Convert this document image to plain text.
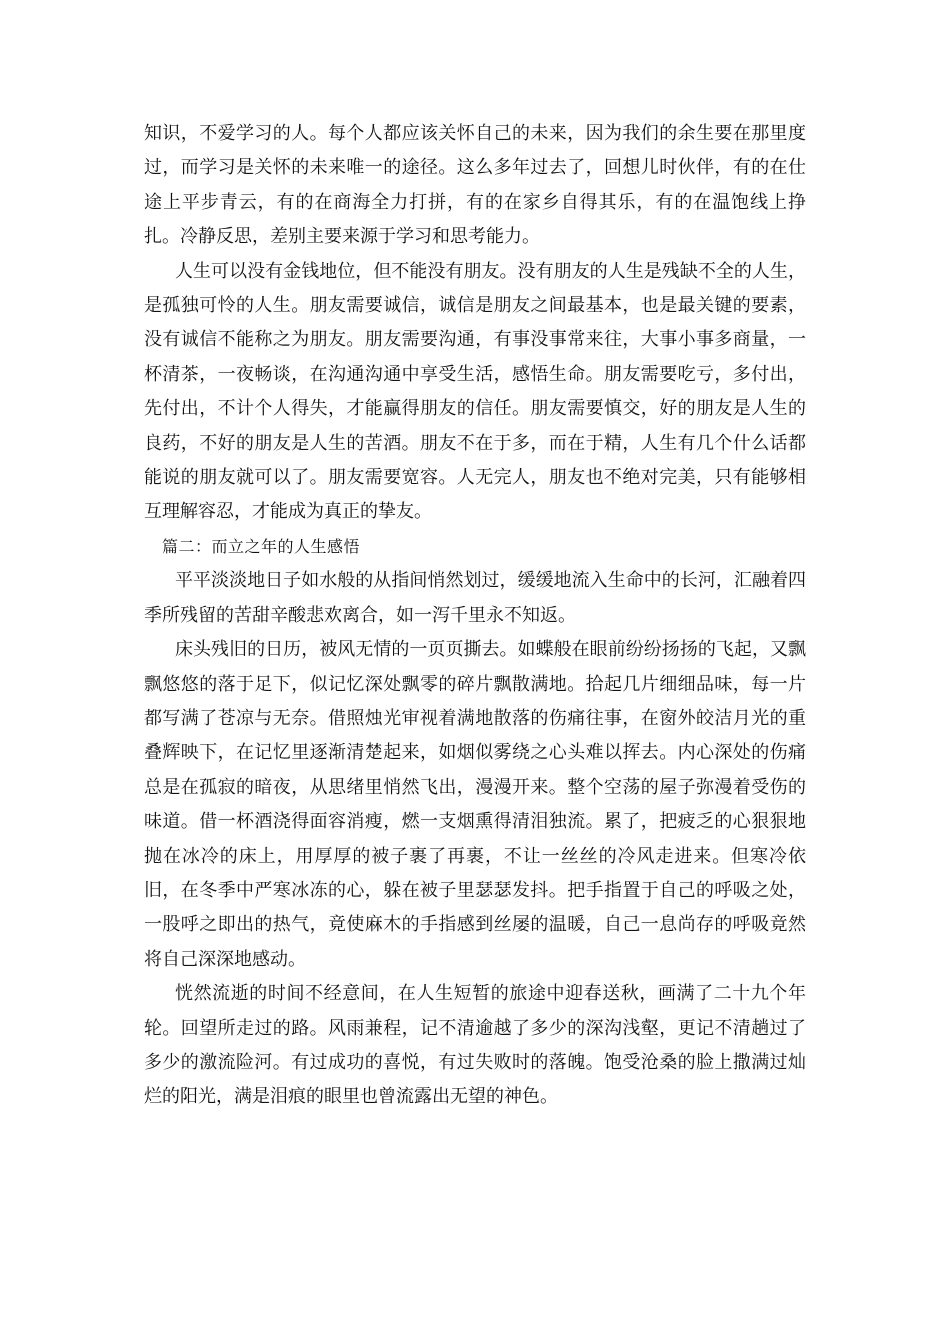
知识，不爱学习的人。每个人都应该关怀自己的未来，因为我们的余生要在那里度过，而学习是关怀的未来唯一的途径。这么多年过去了，回想儿时伙伴，有的在仕途上平步青云，有的在商海全力打拼，有的在家乡自得其乐，有的在温饱线上挣扎。冷静反思，差别主要来源于学习和思考能力。

人生可以没有金钱地位，但不能没有朋友。没有朋友的人生是残缺不全的人生，是孤独可怜的人生。朋友需要诚信，诚信是朋友之间最基本，也是最关键的要素，没有诚信不能称之为朋友。朋友需要沟通，有事没事常来往，大事小事多商量，一杯清茶，一夜畅谈，在沟通沟通中享受生活，感悟生命。朋友需要吃亏，多付出，先付出，不计个人得失，才能赢得朋友的信任。朋友需要慎交，好的朋友是人生的良药，不好的朋友是人生的苦酒。朋友不在于多，而在于精，人生有几个什么话都能说的朋友就可以了。朋友需要宽容。人无完人，朋友也不绝对完美，只有能够相互理解容忍，才能成为真正的挚友。

篇二：而立之年的人生感悟

平平淡淡地日子如水般的从指间悄然划过，缓缓地流入生命中的长河，汇融着四季所残留的苦甜辛酸悲欢离合，如一泻千里永不知返。

床头残旧的日历，被风无情的一页页撕去。如蝶般在眼前纷纷扬扬的飞起，又飘飘悠悠的落于足下，似记忆深处飘零的碎片飘散满地。拾起几片细细品味，每一片都写满了苍凉与无奈。借照烛光审视着满地散落的伤痛往事，在窗外皎洁月光的重叠辉映下，在记忆里逐渐清楚起来，如烟似雾绕之心头难以挥去。内心深处的伤痛总是在孤寂的暗夜，从思绪里悄然飞出，漫漫开来。整个空荡的屋子弥漫着受伤的味道。借一杯酒浇得面容消瘦，燃一支烟熏得清泪独流。累了，把疲乏的心狠狠地抛在冰冷的床上，用厚厚的被子裹了再裹，不让一丝丝的冷风走进来。但寒冷依旧，在冬季中严寒冰冻的心，躲在被子里瑟瑟发抖。把手指置于自己的呼吸之处，一股呼之即出的热气，竟使麻木的手指感到丝屡的温暖，自己一息尚存的呼吸竟然将自己深深地感动。

恍然流逝的时间不经意间，在人生短暂的旅途中迎春送秋，画满了二十九个年轮。回望所走过的路。风雨兼程，记不清逾越了多少的深沟浅壑，更记不清趟过了多少的激流险河。有过成功的喜悦，有过失败时的落魄。饱受沧桑的脸上撒满过灿烂的阳光，满是泪痕的眼里也曾流露出无望的神色。
